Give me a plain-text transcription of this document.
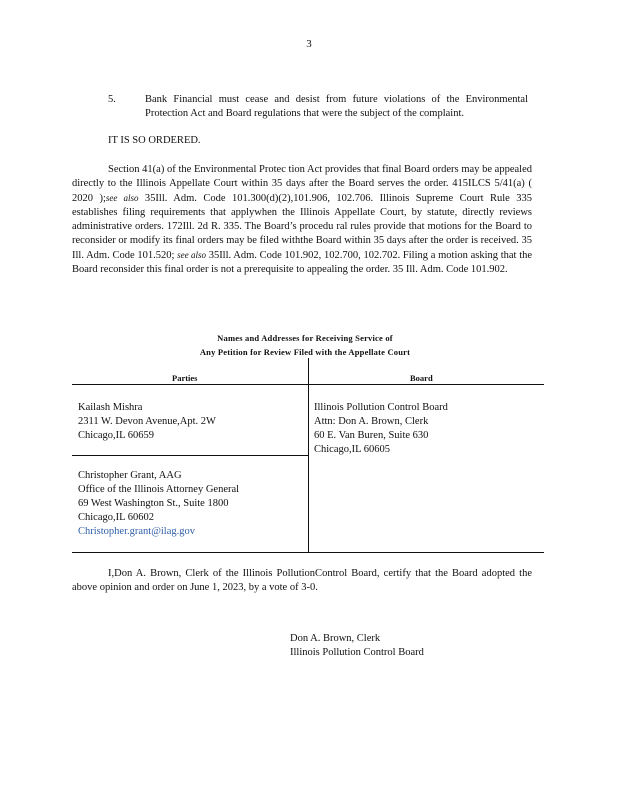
3
5.	Bank Financial must cease and desist from future violations of the Environmental Protection Act and Board regulations that were the subject of the complaint.
IT IS SO ORDERED.

Section 41(a) of the Environmental Protec tion Act provides that final Board orders may be appealed directly to the Illinois Appellate Court within 35 days after the Board serves the order. 415ILCS 5/41(a) ( 2020 );see also 35Ill. Adm. Code 101.300(d)(2),101.906, 102.706. Illinois Supreme Court Rule 335 establishes filing requirements that applywhen the Illinois Appellate Court, by statute, directly reviews administrative orders. 172Ill. 2d R. 335. The Board’s procedu ral rules provide that motions for the Board to reconsider or modify its final orders may be filed withthe Board within 35 days after the order is received. 35 Ill. Adm. Code 101.520; see also 35Ill. Adm. Code 101.902, 102.700, 102.702. Filing a motion asking that the Board reconsider this final order is not a prerequisite to appealing the order. 35 Ill. Adm. Code 101.902.

Names and Addresses for Receiving Service of
Any Petition for Review Filed with the Appellate Court
Parties	Board
Kailash Mishra
2311 W. Devon Avenue,Apt. 2W
Chicago,IL 60659
Christopher Grant, AAG
Office of the Illinois Attorney General
69 West Washington St., Suite 1800
Chicago,IL 60602
Christopher.grant@ilag.gov
Illinois Pollution Control Board
Attn: Don A. Brown, Clerk
60 E. Van Buren, Suite 630
Chicago,IL 60605

I,Don A. Brown, Clerk of the Illinois PollutionControl Board, certify that the Board adopted the above opinion and order on June 1, 2023, by a vote of 3-0.

Don A. Brown, Clerk
Illinois Pollution Control Board
